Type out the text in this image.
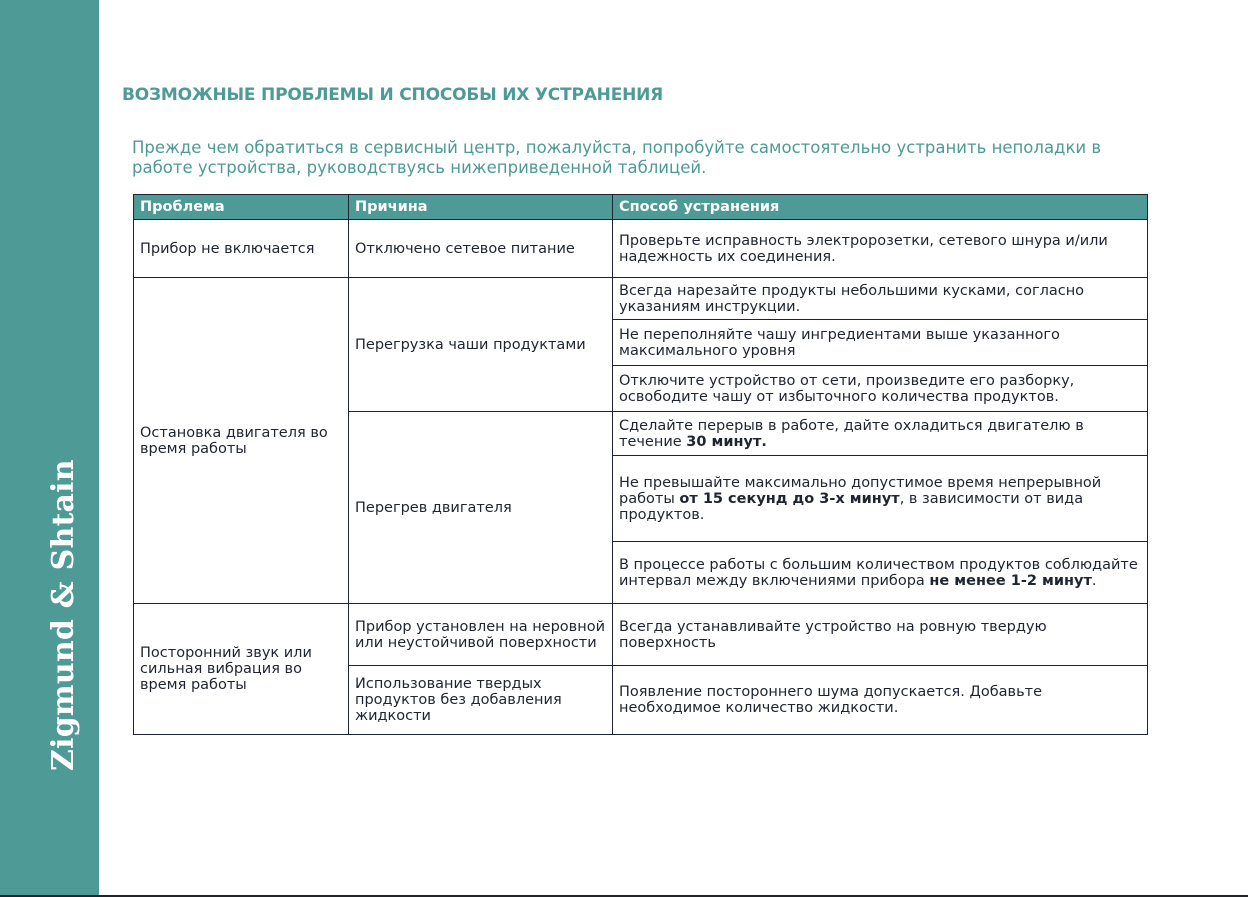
Zigmund & Shtain
ВОЗМОЖНЫЕ ПРОБЛЕМЫ И СПОСОБЫ ИХ УСТРАНЕНИЯ

Прежде чем обратиться в сервисный центр, пожалуйста, попробуйте самостоятельно устранить неполадки в работе устройства, руководствуясь нижеприведенной таблицей.

Проблема	Причина	Способ устранения
Прибор не включается	Отключено сетевое питание	Проверьте исправность электророзетки, сетевого шнура и/или надежность их соединения.
Остановка двигателя во время работы	Перегрузка чаши продуктами	Всегда нарезайте продукты небольшими кусками, согласно указаниям инструкции.
		Не переполняйте чашу ингредиентами выше указанного максимального уровня
		Отключите устройство от сети, произведите его разборку, освободите чашу от избыточного количества продуктов.
	Перегрев двигателя	Сделайте перерыв в работе, дайте охладиться двигателю в течение 30 минут.
		Не превышайте максимально допустимое время непрерывной работы от 15 секунд до 3-х минут, в зависимости от вида продуктов.
		В процессе работы с большим количеством продуктов соблюдайте интервал между включениями прибора не менее 1-2 минут.
Посторонний звук или сильная вибрация во время работы	Прибор установлен на неровной или неустойчивой поверхности	Всегда устанавливайте устройство на ровную твердую поверхность
	Использование твердых продуктов без добавления жидкости	Появление постороннего шума допускается. Добавьте необходимое количество жидкости.
